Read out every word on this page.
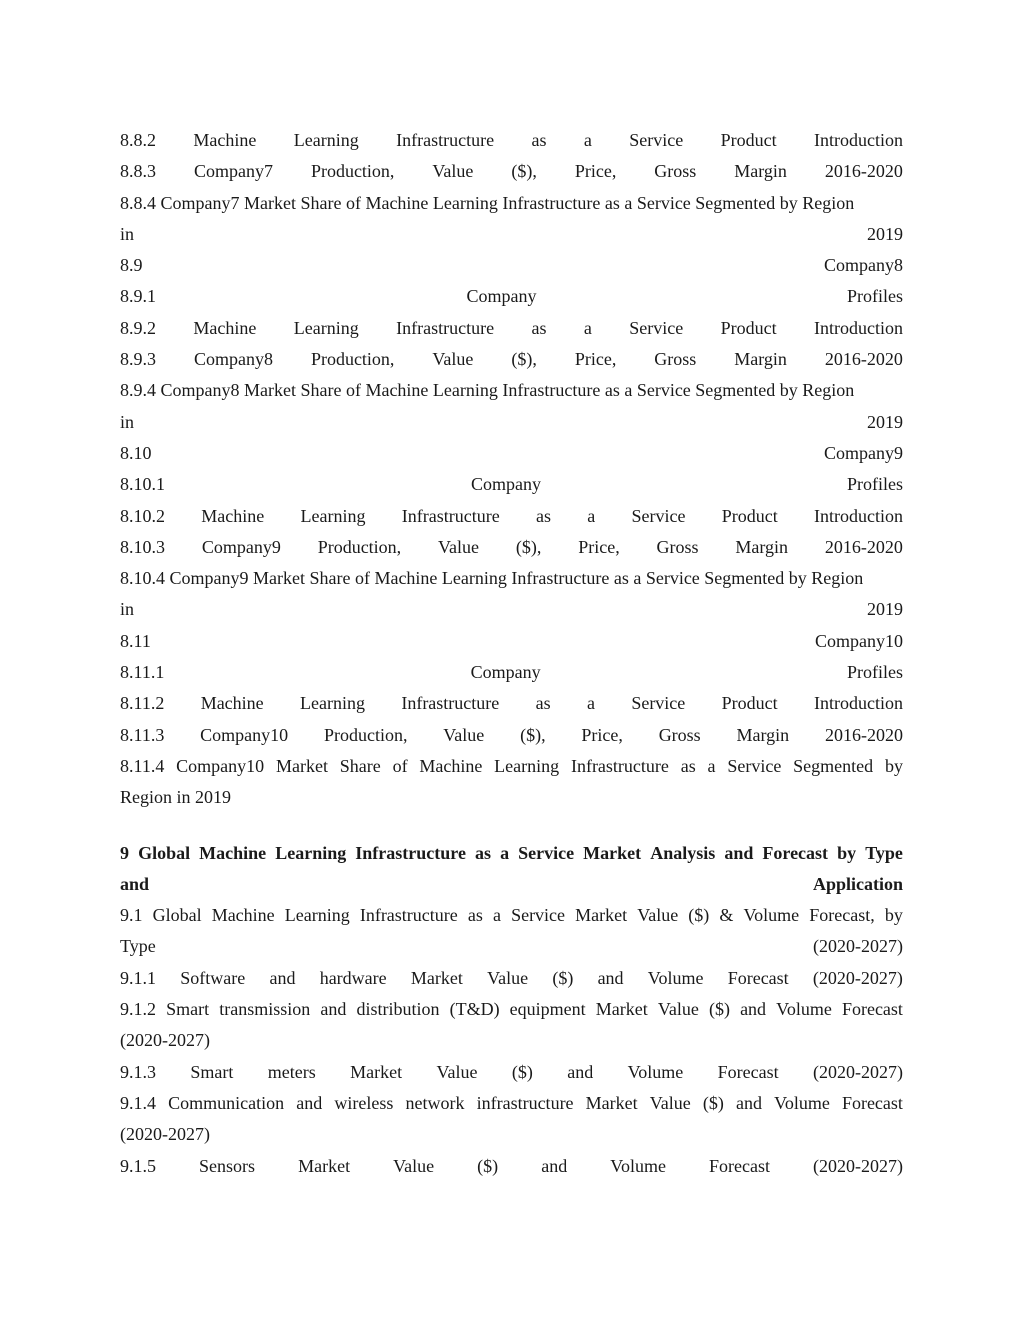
8.8.2 Machine Learning Infrastructure as a Service Product Introduction
8.8.3 Company7 Production, Value ($), Price, Gross Margin 2016-2020
8.8.4 Company7 Market Share of Machine Learning Infrastructure as a Service Segmented by Region
in	2019
8.9	Company8
8.9.1	Company	Profiles
8.9.2 Machine Learning Infrastructure as a Service Product Introduction
8.9.3 Company8 Production, Value ($), Price, Gross Margin 2016-2020
8.9.4 Company8 Market Share of Machine Learning Infrastructure as a Service Segmented by Region
in	2019
8.10	Company9
8.10.1	Company	Profiles
8.10.2 Machine Learning Infrastructure as a Service Product Introduction
8.10.3 Company9 Production, Value ($), Price, Gross Margin 2016-2020
8.10.4 Company9 Market Share of Machine Learning Infrastructure as a Service Segmented by Region
in	2019
8.11	Company10
8.11.1	Company	Profiles
8.11.2 Machine Learning Infrastructure as a Service Product Introduction
8.11.3 Company10 Production, Value ($), Price, Gross Margin 2016-2020
8.11.4 Company10 Market Share of Machine Learning Infrastructure as a Service Segmented by
Region in 2019
9 Global Machine Learning Infrastructure as a Service Market Analysis and Forecast by Type
and	Application
9.1 Global Machine Learning Infrastructure as a Service Market Value ($) & Volume Forecast, by
Type	(2020-2027)
9.1.1 Software and hardware Market Value ($) and Volume Forecast (2020-2027)
9.1.2 Smart transmission and distribution (T&D) equipment Market Value ($) and Volume Forecast
(2020-2027)
9.1.3 Smart meters Market Value ($) and Volume Forecast (2020-2027)
9.1.4 Communication and wireless network infrastructure Market Value ($) and Volume Forecast
(2020-2027)
9.1.5 Sensors Market Value ($) and Volume Forecast (2020-2027)
